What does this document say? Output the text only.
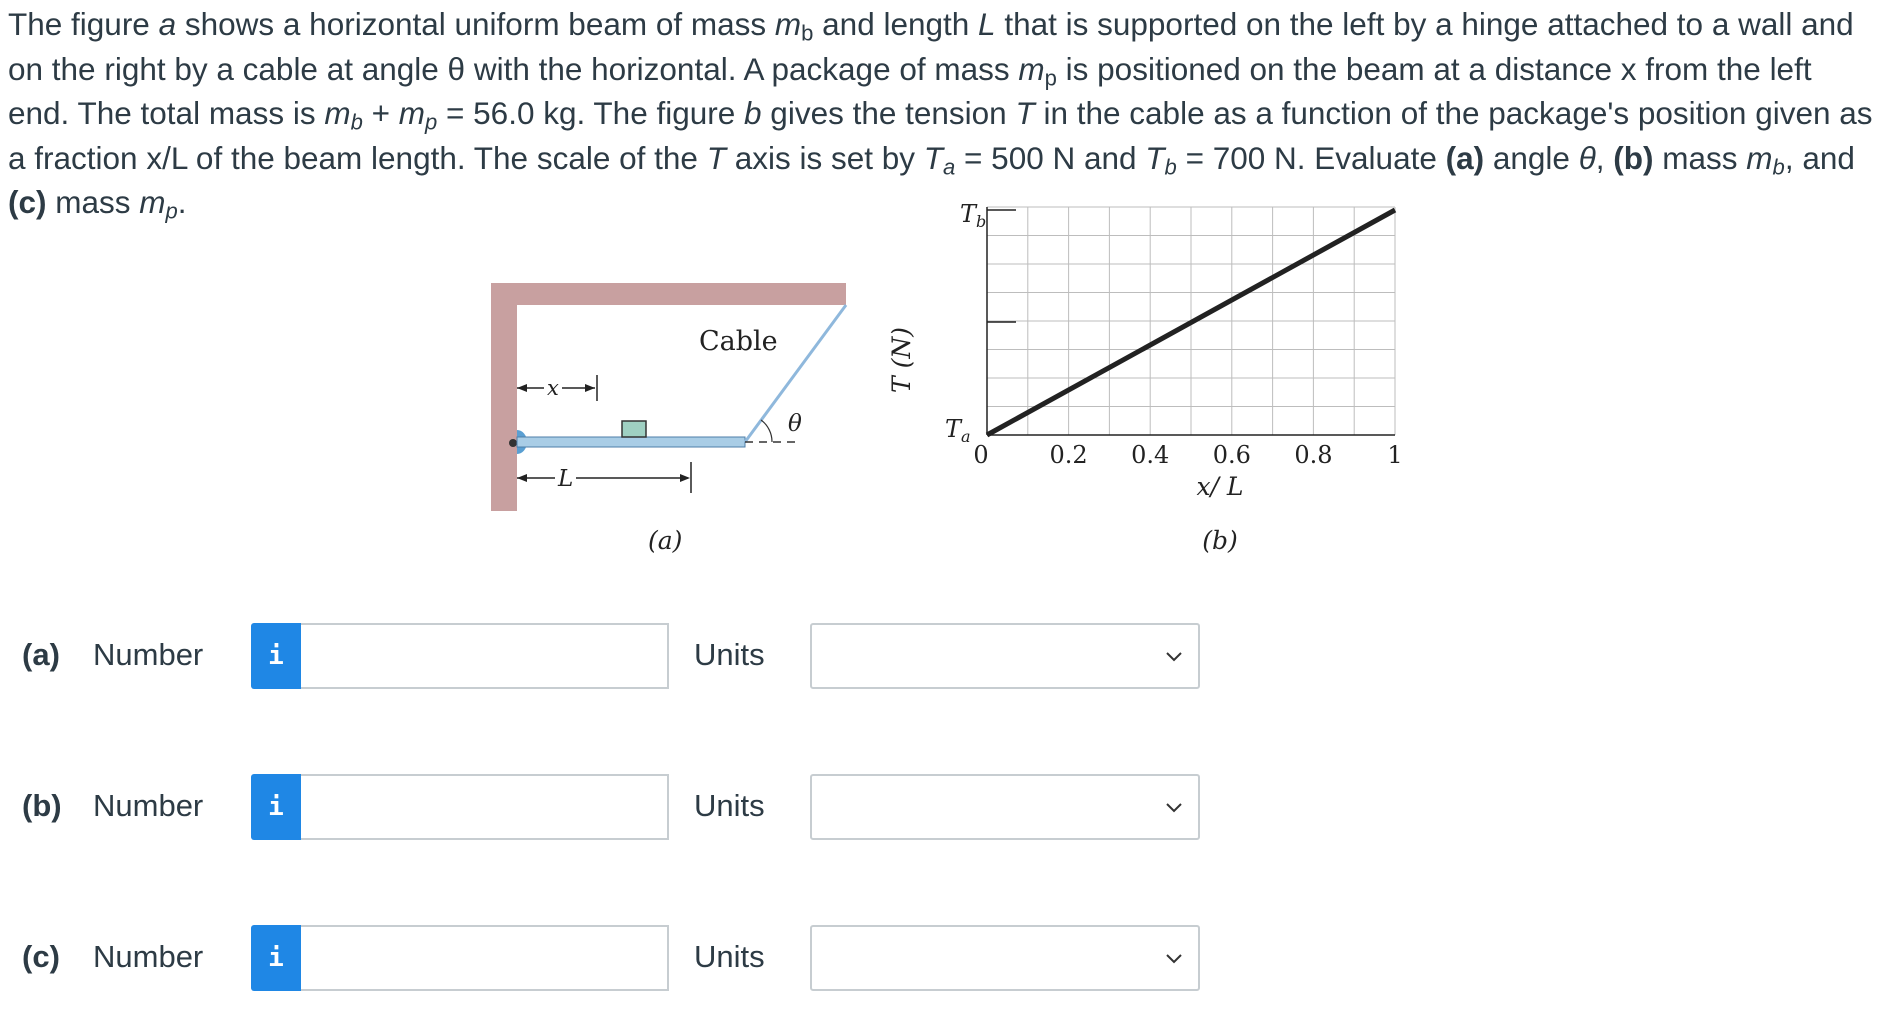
The figure a shows a horizontal uniform beam of mass $m_b$ and length L that is supported on the left by a hinge attached to a wall and on the right by a cable at angle θ with the horizontal. A package of mass $m_p$ is positioned on the beam at a distance x from the left end. The total mass is $m_b + m_p = 56.0$ kg. The figure b gives the tension T in the cable as a function of the package's position given as a fraction x/L of the beam length. The scale of the T axis is set by $T_a = 500$ N and $T_b = 700$ N. Evaluate (a) angle θ, (b) mass $m_b$, and (c) mass $m_p$.
θ
Cable
x
L
(a)
0	0.2 0.4 0.6 0.8 1
$T_b$
$T_a$
T (N)
x/ L
(b)
(a) Number i	Units
(b) Number i	Units
(c) Number i	Units
